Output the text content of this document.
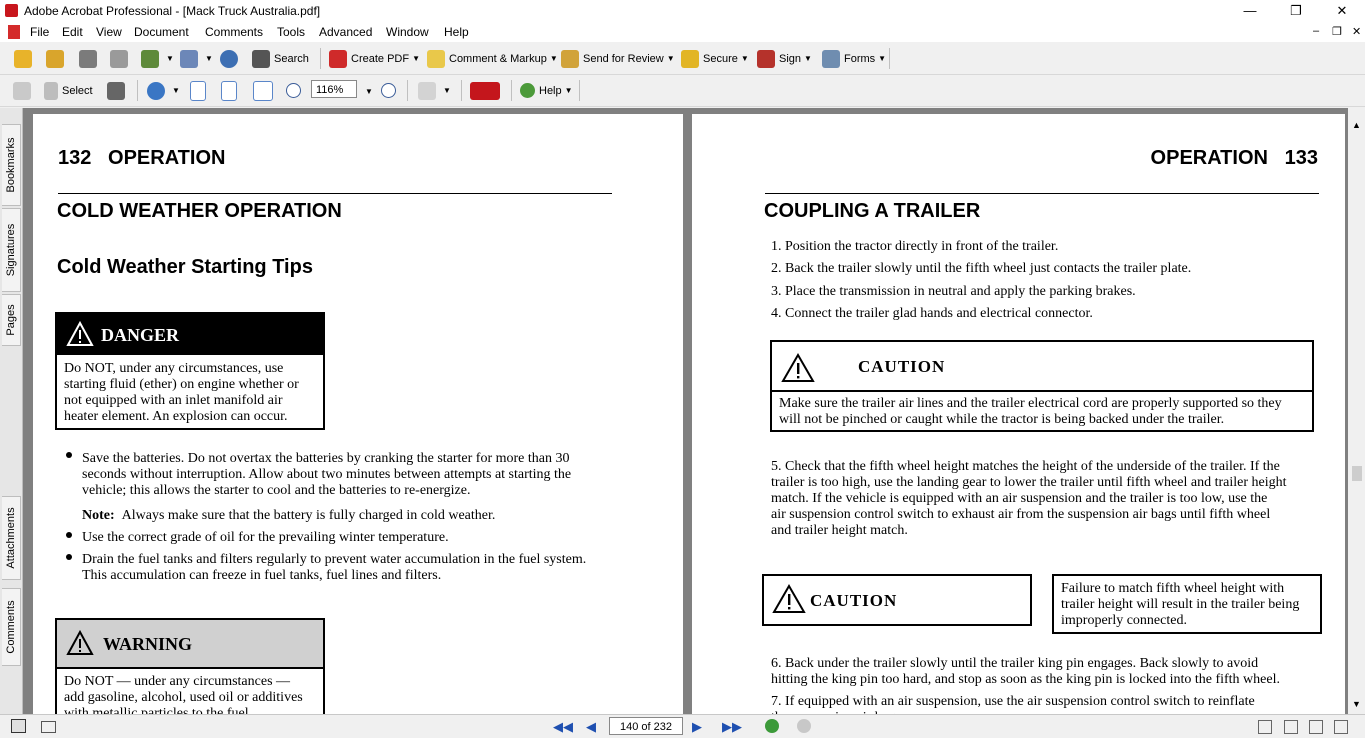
Adobe Acrobat Professional - [Mack Truck Australia.pdf]	—	❐	✕
File Edit View Document Comments Tools Advanced Window Help	– ❐ ✕
▼	▼	Search	Create PDF ▼	Comment & Markup ▼ Send for Review ▼	Secure ▼	Sign ▼	Forms ▼
Select	▼	▼	▼	Help ▼
116%
Bookmarks
Signatures
Pages
Attachments
Comments
132   OPERATION
COLD WEATHER OPERATION
Cold Weather Starting Tips
DANGER
Do NOT, under any circumstances, use
starting fluid (ether) on engine whether or
not equipped with an inlet manifold air
heater element. An explosion can occur.
Save the batteries. Do not overtax the batteries by cranking the starter for more than 30
seconds without interruption. Allow about two minutes between attempts at starting the
vehicle; this allows the starter to cool and the batteries to re-energize.
Note: Always make sure that the battery is fully charged in cold weather.
Use the correct grade of oil for the prevailing winter temperature.
Drain the fuel tanks and filters regularly to prevent water accumulation in the fuel system.
This accumulation can freeze in fuel tanks, fuel lines and filters.
WARNING
Do NOT — under any circumstances —
add gasoline, alcohol, used oil or additives
OPERATION   133
COUPLING A TRAILER
1. Position the tractor directly in front of the trailer.
2. Back the trailer slowly until the fifth wheel just contacts the trailer plate.
3. Place the transmission in neutral and apply the parking brakes.
4. Connect the trailer glad hands and electrical connector.
CAUTION
Make sure the trailer air lines and the trailer electrical cord are properly supported so they
will not be pinched or caught while the tractor is being backed under the trailer.
5. Check that the fifth wheel height matches the height of the underside of the trailer. If the
trailer is too high, use the landing gear to lower the trailer until fifth wheel and trailer height
match. If the vehicle is equipped with an air suspension and the trailer is too low, use the
air suspension control switch to exhaust air from the suspension air bags until fifth wheel
and trailer height match.
CAUTION
Failure to match fifth wheel height with
trailer height will result in the trailer being
improperly connected.
6. Back under the trailer slowly until the trailer king pin engages. Back slowly to avoid
hitting the king pin too hard, and stop as soon as the king pin is locked into the fifth wheel.
7. If equipped with an air suspension, use the air suspension control switch to reinflate
▲
▼
◀◀ ◀	140 of 232	▶ ▶▶
